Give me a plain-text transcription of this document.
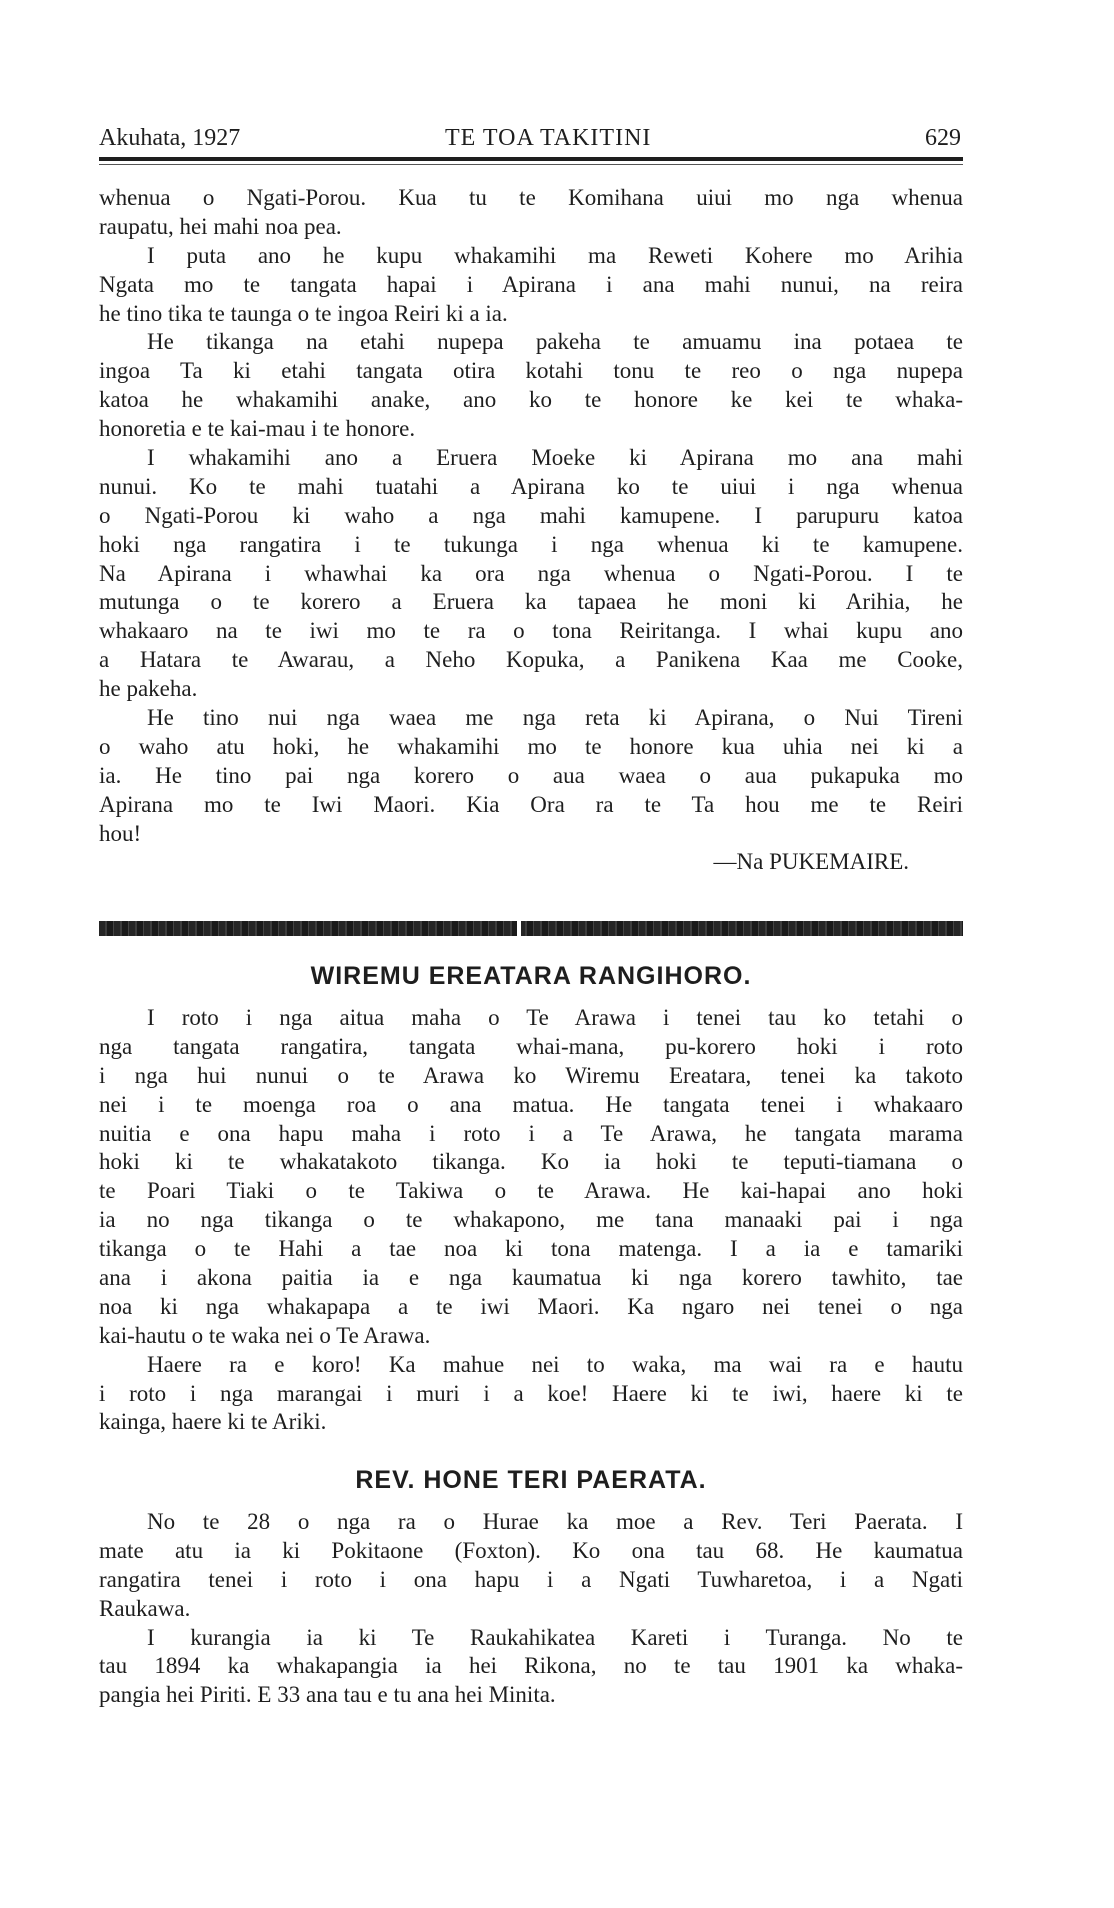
Akuhata, 1927	TE TOA TAKITINI	629
whenua o Ngati-Porou. Kua tu te Komihana uiui mo nga whenua
raupatu, hei mahi noa pea.
I puta ano he kupu whakamihi ma Reweti Kohere mo Arihia
Ngata mo te tangata hapai i Apirana i ana mahi nunui, na reira
he tino tika te taunga o te ingoa Reiri ki a ia.
He tikanga na etahi nupepa pakeha te amuamu ina potaea te
ingoa Ta ki etahi tangata otira kotahi tonu te reo o nga nupepa
katoa he whakamihi anake, ano ko te honore ke kei te whaka-
honoretia e te kai-mau i te honore.
I whakamihi ano a Eruera Moeke ki Apirana mo ana mahi
nunui. Ko te mahi tuatahi a Apirana ko te uiui i nga whenua
o Ngati-Porou ki waho a nga mahi kamupene. I parupuru katoa
hoki nga rangatira i te tukunga i nga whenua ki te kamupene.
Na Apirana i whawhai ka ora nga whenua o Ngati-Porou. I te
mutunga o te korero a Eruera ka tapaea he moni ki Arihia, he
whakaaro na te iwi mo te ra o tona Reiritanga. I whai kupu ano
a Hatara te Awarau, a Neho Kopuka, a Panikena Kaa me Cooke,
he pakeha.
He tino nui nga waea me nga reta ki Apirana, o Nui Tireni
o waho atu hoki, he whakamihi mo te honore kua uhia nei ki a
ia. He tino pai nga korero o aua waea o aua pukapuka mo
Apirana mo te Iwi Maori. Kia Ora ra te Ta hou me te Reiri
hou!
—Na PUKEMAIRE.
WIREMU EREATARA RANGIHORO.
I roto i nga aitua maha o Te Arawa i tenei tau ko tetahi o
nga tangata rangatira, tangata whai-mana, pu-korero hoki i roto
i nga hui nunui o te Arawa ko Wiremu Ereatara, tenei ka takoto
nei i te moenga roa o ana matua. He tangata tenei i whakaaro
nuitia e ona hapu maha i roto i a Te Arawa, he tangata marama
hoki ki te whakatakoto tikanga. Ko ia hoki te teputi-tiamana o
te Poari Tiaki o te Takiwa o te Arawa. He kai-hapai ano hoki
ia no nga tikanga o te whakapono, me tana manaaki pai i nga
tikanga o te Hahi a tae noa ki tona matenga. I a ia e tamariki
ana i akona paitia ia e nga kaumatua ki nga korero tawhito, tae
noa ki nga whakapapa a te iwi Maori. Ka ngaro nei tenei o nga
kai-hautu o te waka nei o Te Arawa.
Haere ra e koro! Ka mahue nei to waka, ma wai ra e hautu
i roto i nga marangai i muri i a koe! Haere ki te iwi, haere ki te
kainga, haere ki te Ariki.
REV. HONE TERI PAERATA.
No te 28 o nga ra o Hurae ka moe a Rev. Teri Paerata. I
mate atu ia ki Pokitaone (Foxton). Ko ona tau 68. He kaumatua
rangatira tenei i roto i ona hapu i a Ngati Tuwharetoa, i a Ngati
Raukawa.
I kurangia ia ki Te Raukahikatea Kareti i Turanga. No te
tau 1894 ka whakapangia ia hei Rikona, no te tau 1901 ka whaka-
pangia hei Piriti. E 33 ana tau e tu ana hei Minita.
